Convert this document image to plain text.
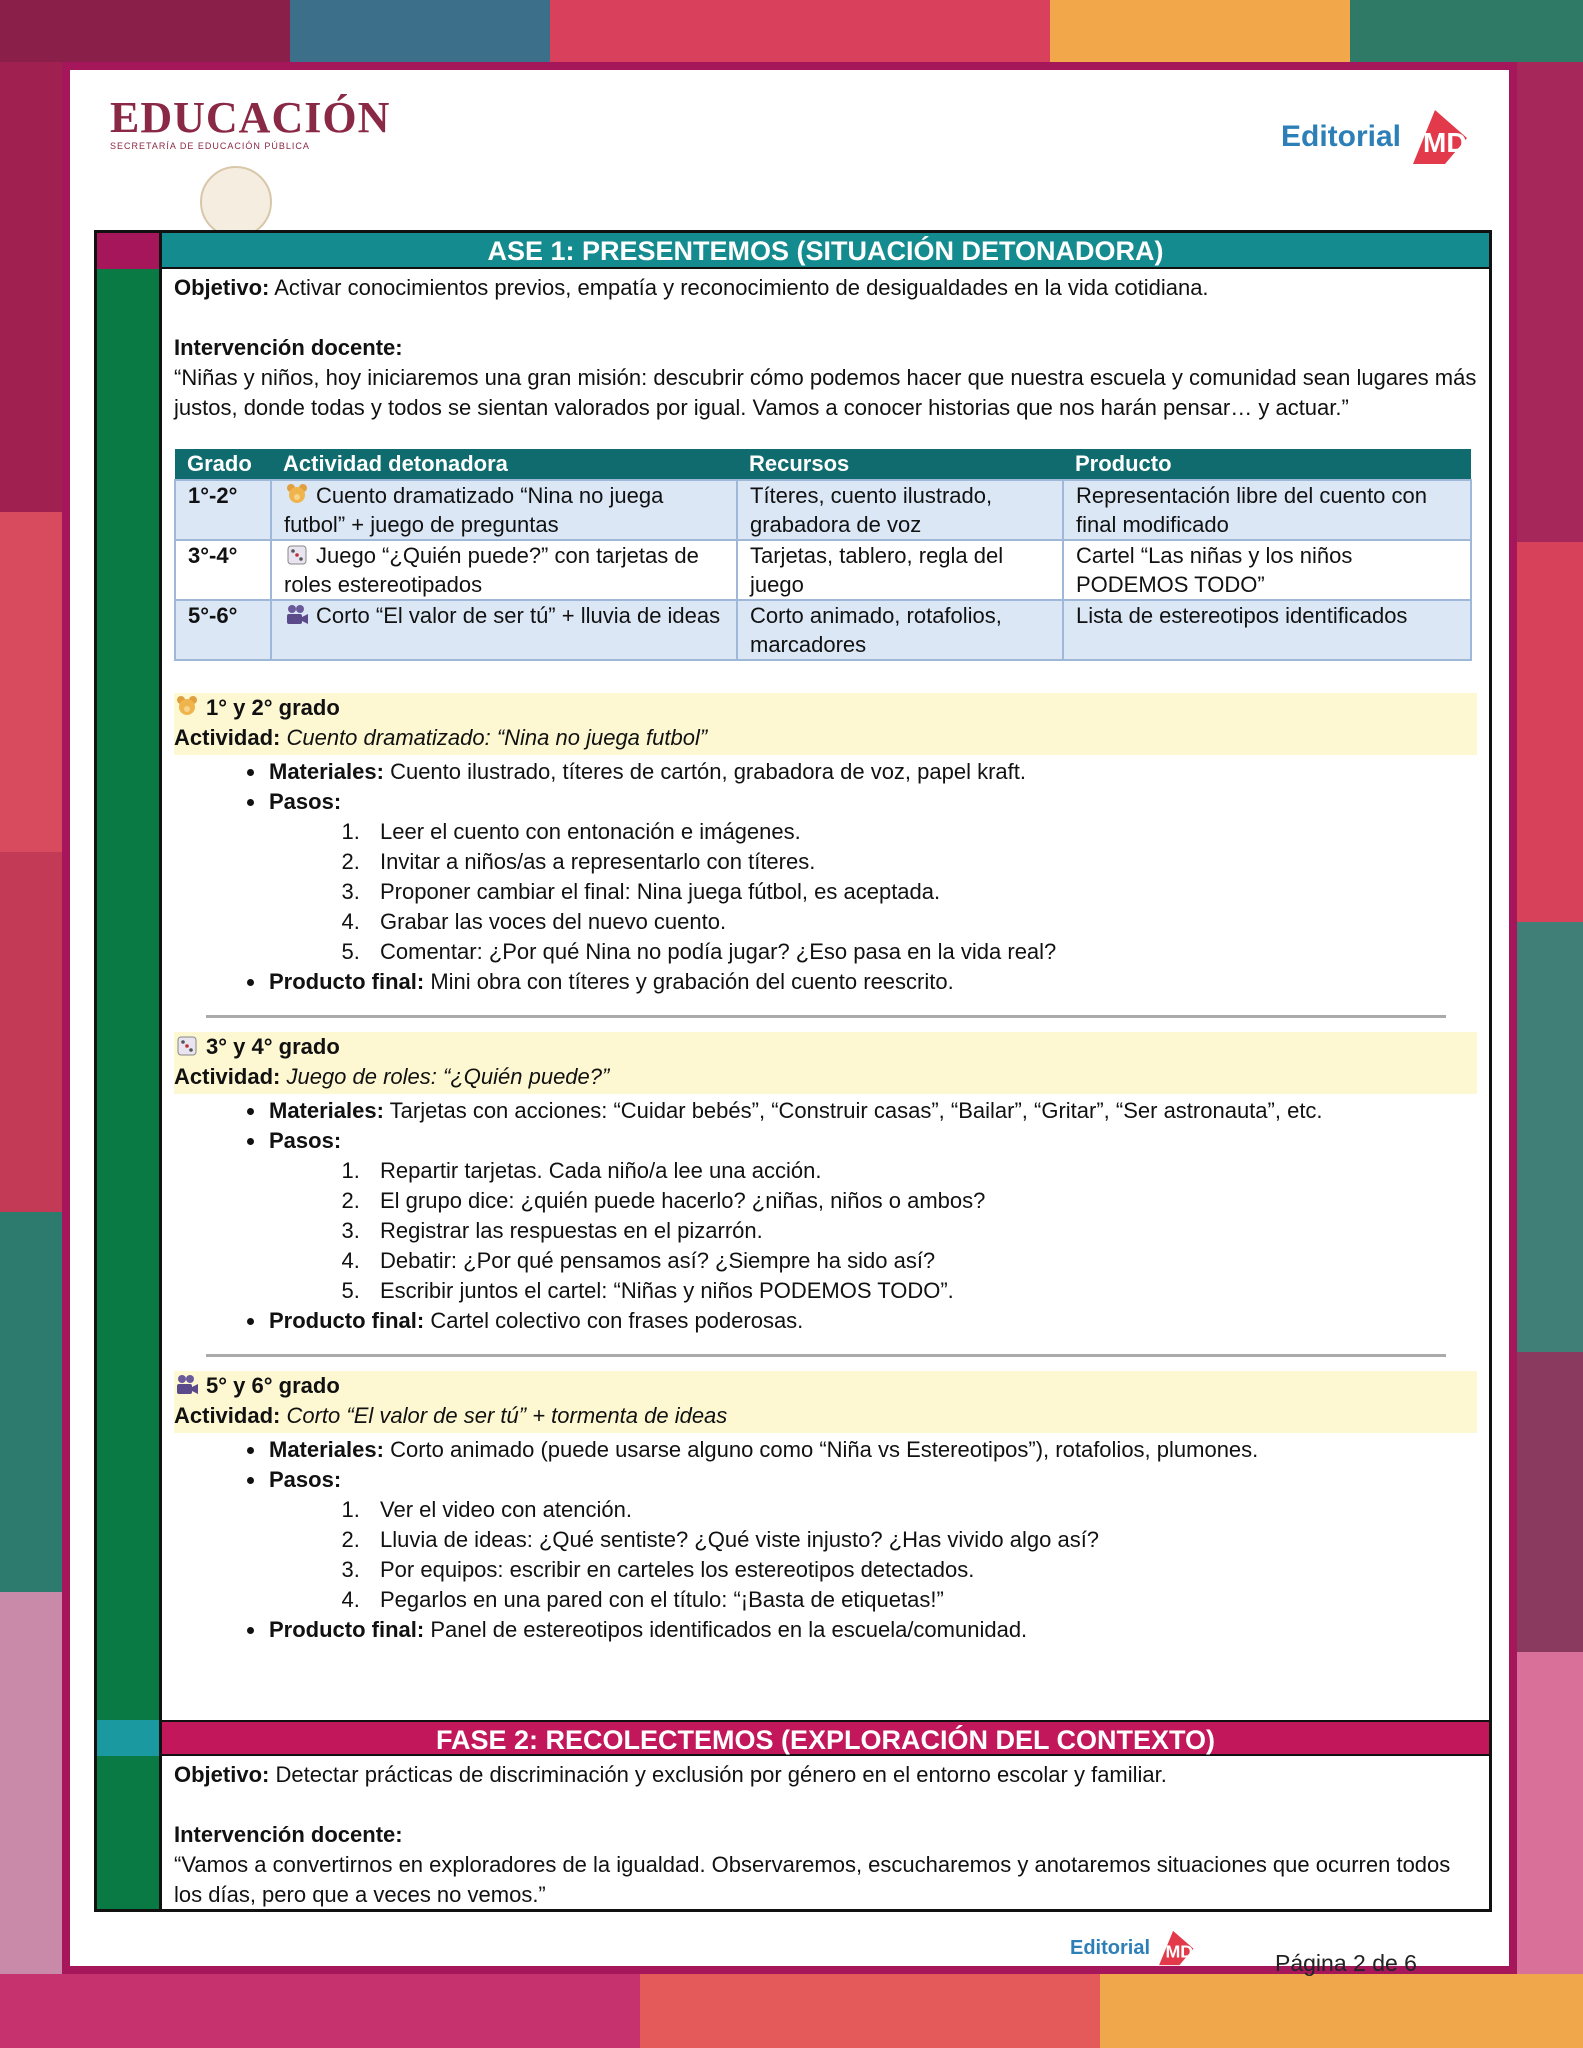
EDUCACIÓN
SECRETARÍA DE EDUCACIÓN PÚBLICA	Editorial MD
ASE 1: PRESENTEMOS (SITUACIÓN DETONADORA)

Objetivo: Activar conocimientos previos, empatía y reconocimiento de desigualdades en la vida cotidiana.

Intervención docente:

“Niñas y niños, hoy iniciaremos una gran misión: descubrir cómo podemos hacer que nuestra escuela y comunidad sean lugares más justos, donde todas y todos se sientan valorados por igual. Vamos a conocer historias que nos harán pensar… y actuar.”

Grado	Actividad detonadora	Recursos	Producto
1°-2°	Cuento dramatizado “Nina no juega futbol” + juego de preguntas	Títeres, cuento ilustrado, grabadora de voz	Representación libre del cuento con final modificado
3°-4°	Juego “¿Quién puede?” con tarjetas de roles estereotipados	Tarjetas, tablero, regla del juego	Cartel “Las niñas y los niños PODEMOS TODO”
5°-6°	Corto “El valor de ser tú” + lluvia de ideas	Corto animado, rotafolios, marcadores	Lista de estereotipos identificados
1° y 2° grado
Actividad: Cuento dramatizado: “Nina no juega futbol”
• Materiales: Cuento ilustrado, títeres de cartón, grabadora de voz, papel kraft.
• Pasos:
1. Leer el cuento con entonación e imágenes.
2. Invitar a niños/as a representarlo con títeres.
3. Proponer cambiar el final: Nina juega fútbol, es aceptada.
4. Grabar las voces del nuevo cuento.
5. Comentar: ¿Por qué Nina no podía jugar? ¿Eso pasa en la vida real?
• Producto final: Mini obra con títeres y grabación del cuento reescrito.
3° y 4° grado
Actividad: Juego de roles: “¿Quién puede?”
• Materiales: Tarjetas con acciones: “Cuidar bebés”, “Construir casas”, “Bailar”, “Gritar”, “Ser astronauta”, etc.
• Pasos:
1. Repartir tarjetas. Cada niño/a lee una acción.
2. El grupo dice: ¿quién puede hacerlo? ¿niñas, niños o ambos?
3. Registrar las respuestas en el pizarrón.
4. Debatir: ¿Por qué pensamos así? ¿Siempre ha sido así?
5. Escribir juntos el cartel: “Niñas y niños PODEMOS TODO”.
• Producto final: Cartel colectivo con frases poderosas.
5° y 6° grado
Actividad: Corto “El valor de ser tú” + tormenta de ideas
• Materiales: Corto animado (puede usarse alguno como “Niña vs Estereotipos”), rotafolios, plumones.
• Pasos:
1. Ver el video con atención.
2. Lluvia de ideas: ¿Qué sentiste? ¿Qué viste injusto? ¿Has vivido algo así?
3. Por equipos: escribir en carteles los estereotipos detectados.
4. Pegarlos en una pared con el título: “¡Basta de etiquetas!”
• Producto final: Panel de estereotipos identificados en la escuela/comunidad.
FASE 2: RECOLECTEMOS (EXPLORACIÓN DEL CONTEXTO)

Objetivo: Detectar prácticas de discriminación y exclusión por género en el entorno escolar y familiar.

Intervención docente:

“Vamos a convertirnos en exploradores de la igualdad. Observaremos, escucharemos y anotaremos situaciones que ocurren todos los días, pero que a veces no vemos.”

Editorial MD	Página 2 de 6
